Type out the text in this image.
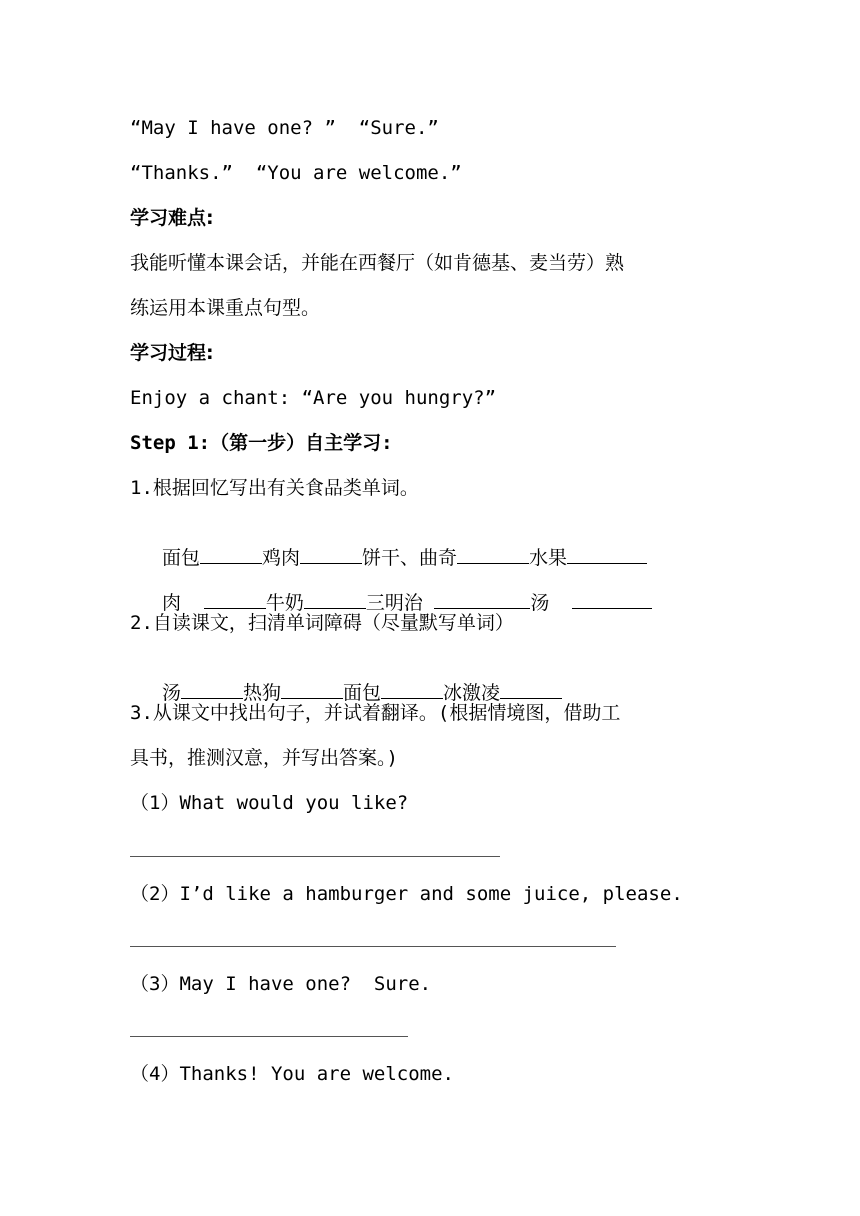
“May I have one? ”  “Sure.”
“Thanks.”  “You are welcome.”
学习难点:
我能听懂本课会话，并能在西餐厅（如肯德基、麦当劳）熟
练运用本课重点句型。
学习过程:
Enjoy a chant: “Are you hungry?”
Step 1:（第一步）自主学习:
1.根据回忆写出有关食品类单词。

面包	鸡肉	饼干、曲奇	水果

肉	牛奶	三明治	汤

2.自读课文，扫清单词障碍（尽量默写单词）

汤	热狗	面包	冰激凌

3.从课文中找出句子，并试着翻译。(根据情境图，借助工
具书，推测汉意，并写出答案。)
（1）What would you like?
（2）I’d like a hamburger and some juice, please.
（3）May I have one?  Sure.
（4）Thanks! You are welcome.
